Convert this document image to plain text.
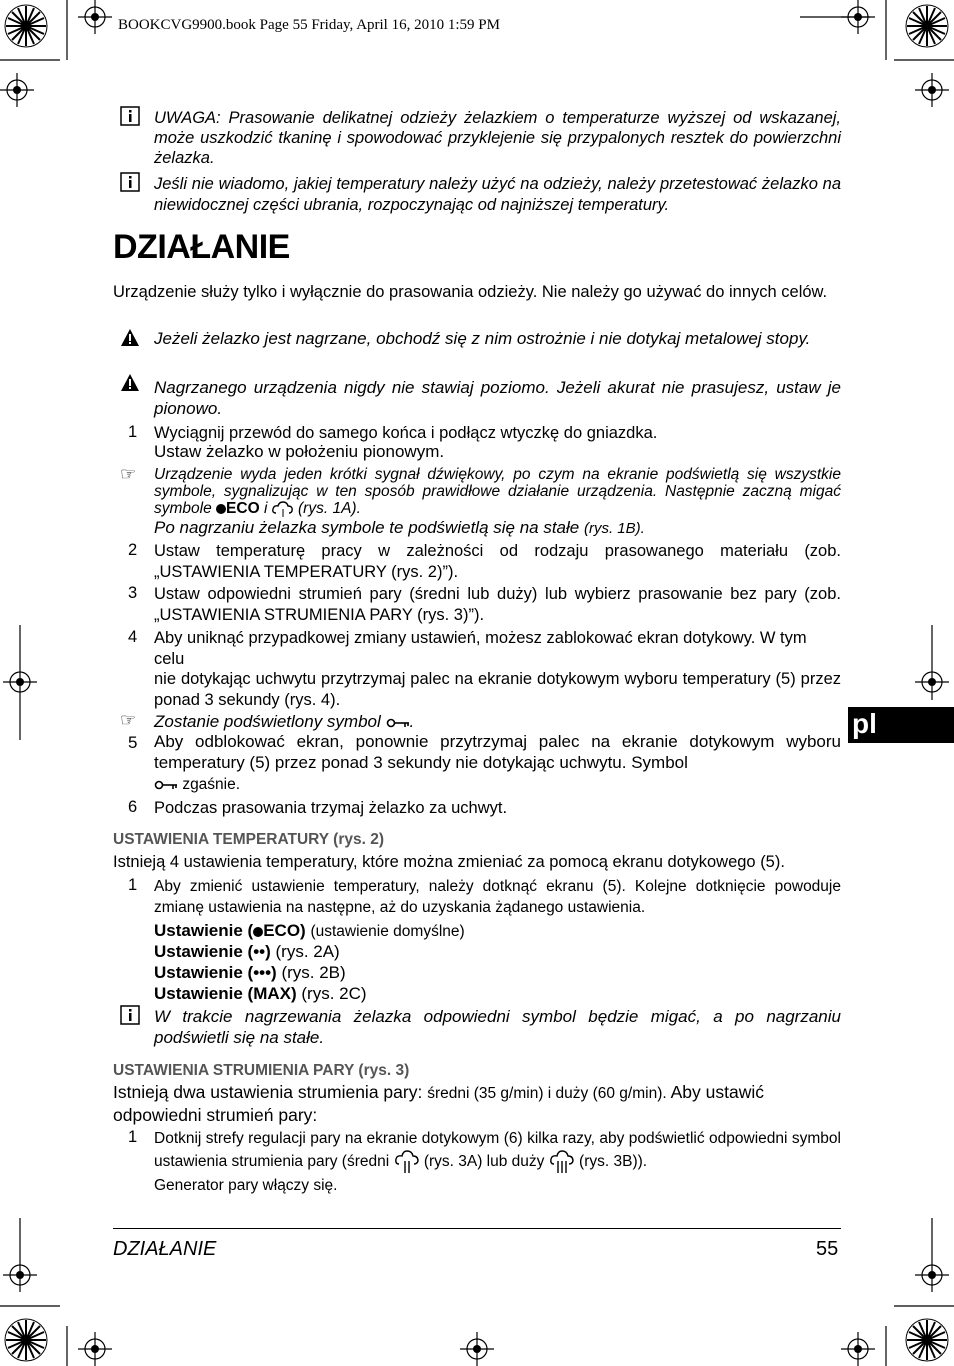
BOOKCVG9900.book Page 55 Friday, April 16, 2010 1:59 PM
UWAGA: Prasowanie delikatnej odzieży żelazkiem o temperaturze wyższej od wskazanej, może uszkodzić tkaninę i spowodować przyklejenie się przypalonych resztek do powierzchni żelazka.
Jeśli nie wiadomo, jakiej temperatury należy użyć na odzieży, należy przetestować żelazko na niewidocznej części ubrania, rozpoczynając od najniższej temperatury.
DZIAŁANIE
Urządzenie służy tylko i wyłącznie do prasowania odzieży. Nie należy go używać do innych celów.
Jeżeli żelazko jest nagrzane, obchodź się z nim ostrożnie i nie dotykaj metalowej stopy.
Nagrzanego urządzenia nigdy nie stawiaj poziomo. Jeżeli akurat nie prasujesz, ustaw je pionowo.
1 Wyciągnij przewód do samego końca i podłącz wtyczkę do gniazdka.
Ustaw żelazko w położeniu pionowym.
☞ Urządzenie wyda jeden krótki sygnał dźwiękowy, po czym na ekranie podświetlą się wszystkie symbole, sygnalizując w ten sposób prawidłowe działanie urządzenia. Następnie zaczną migać symbole ECO i (rys. 1A).
Po nagrzaniu żelazka symbole te podświetlą się na stałe (rys. 1B).
2 Ustaw temperaturę pracy w zależności od rodzaju prasowanego materiału (zob. „USTAWIENIA TEMPERATURY (rys. 2)”).
3 Ustaw odpowiedni strumień pary (średni lub duży) lub wybierz prasowanie bez pary (zob. „USTAWIENIA STRUMIENIA PARY (rys. 3)”).
4 Aby uniknąć przypadkowej zmiany ustawień, możesz zablokować ekran dotykowy. W tym celu
nie dotykając uchwytu przytrzymaj palec na ekranie dotykowym wyboru temperatury (5) przez ponad 3 sekundy (rys. 4).
☞ Zostanie podświetlony symbol .
5 Aby odblokować ekran, ponownie przytrzymaj palec na ekranie dotykowym wyboru temperatury (5) przez ponad 3 sekundy nie dotykając uchwytu. Symbol
zgaśnie.
6 Podczas prasowania trzymaj żelazko za uchwyt.
USTAWIENIA TEMPERATURY (rys. 2)
Istnieją 4 ustawienia temperatury, które można zmieniać za pomocą ekranu dotykowego (5).
1 Aby zmienić ustawienie temperatury, należy dotknąć ekranu (5). Kolejne dotknięcie powoduje zmianę ustawienia na następne, aż do uzyskania żądanego ustawienia.
Ustawienie ( ECO) (ustawienie domyślne)
Ustawienie (••) (rys. 2A)
Ustawienie (•••) (rys. 2B)
Ustawienie (MAX) (rys. 2C)
W trakcie nagrzewania żelazka odpowiedni symbol będzie migać, a po nagrzaniu podświetli się na stałe.
USTAWIENIA STRUMIENIA PARY (rys. 3)
Istnieją dwa ustawienia strumienia pary: średni (35 g/min) i duży (60 g/min). Aby ustawić odpowiedni strumień pary:
1 Dotknij strefy regulacji pary na ekranie dotykowym (6) kilka razy, aby podświetlić odpowiedni symbol ustawienia strumienia pary (średni (rys. 3A) lub duży (rys. 3B)).
Generator pary włączy się.
pl
DZIAŁANIE	55
